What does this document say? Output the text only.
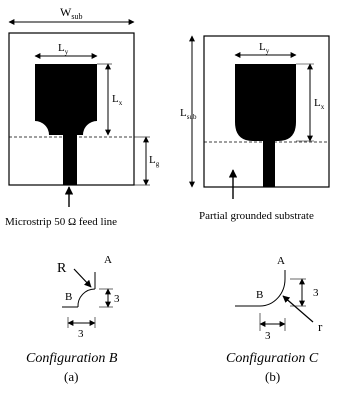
$W_{sub}$
$L_y$
$L_x$
$L_g$
Microstrip 50 Ω feed line
$L_{sub}$
$L_y$
$L_x$
Partial grounded substrate
R
A
B	3
3
Configuration B
(a)
A
B	3
3
r
Configuration C
(b)
